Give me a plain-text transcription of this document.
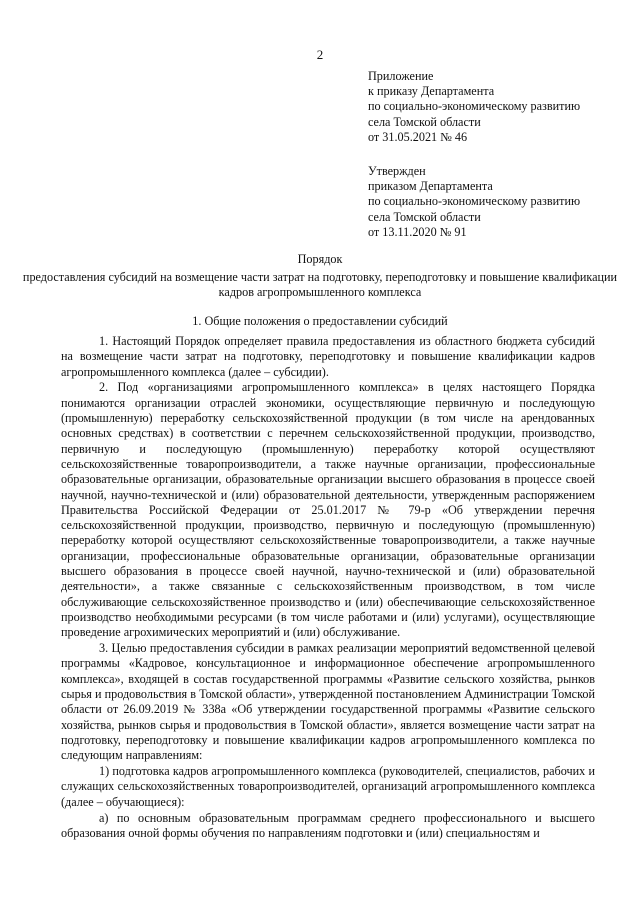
2
Приложение
к приказу Департамента
по социально-экономическому развитию
села Томской области
от 31.05.2021 № 46
Утвержден
приказом Департамента
по социально-экономическому развитию
села Томской области
от 13.11.2020 № 91
Порядок
предоставления субсидий на возмещение части затрат на подготовку, переподготовку и повышение квалификации кадров агропромышленного комплекса
1. Общие положения о предоставлении субсидий

1. Настоящий Порядок определяет правила предоставления из областного бюджета субсидий на возмещение части затрат на подготовку, переподготовку и повышение квалификации кадров агропромышленного комплекса (далее – субсидии).

2. Под «организациями агропромышленного комплекса» в целях настоящего Порядка понимаются организации отраслей экономики, осуществляющие первичную и последующую (промышленную) переработку сельскохозяйственной продукции (в том числе на арендованных основных средствах) в соответствии с перечнем сельскохозяйственной продукции, производство, первичную и последующую (промышленную) переработку которой осуществляют сельскохозяйственные товаропроизводители, а также научные организации, профессиональные образовательные организации, образовательные организации высшего образования в процессе своей научной, научно-технической и (или) образовательной деятельности, утвержденным распоряжением Правительства Российской Федерации от 25.01.2017 № 79-р «Об утверждении перечня сельскохозяйственной продукции, производство, первичную и последующую (промышленную) переработку которой осуществляют сельскохозяйственные товаропроизводители, а также научные организации, профессиональные образовательные организации, образовательные организации высшего образования в процессе своей научной, научно-технической и (или) образовательной деятельности», а также связанные с сельскохозяйственным производством, в том числе обслуживающие сельскохозяйственное производство и (или) обеспечивающие сельскохозяйственное производство необходимыми ресурсами (в том числе работами и (или) услугами), осуществляющие проведение агрохимических мероприятий и (или) обслуживание.

3. Целью предоставления субсидии в рамках реализации мероприятий ведомственной целевой программы «Кадровое, консультационное и информационное обеспечение агропромышленного комплекса», входящей в состав государственной программы «Развитие сельского хозяйства, рынков сырья и продовольствия в Томской области», утвержденной постановлением Администрации Томской области от 26.09.2019 № 338а «Об утверждении государственной программы «Развитие сельского хозяйства, рынков сырья и продовольствия в Томской области», является возмещение части затрат на подготовку, переподготовку и повышение квалификации кадров агропромышленного комплекса по следующим направлениям:

1) подготовка кадров агропромышленного комплекса (руководителей, специалистов, рабочих и служащих сельскохозяйственных товаропроизводителей, организаций агропромышленного комплекса (далее – обучающиеся):

а) по основным образовательным программам среднего профессионального и высшего образования очной формы обучения по направлениям подготовки и (или) специальностям и
